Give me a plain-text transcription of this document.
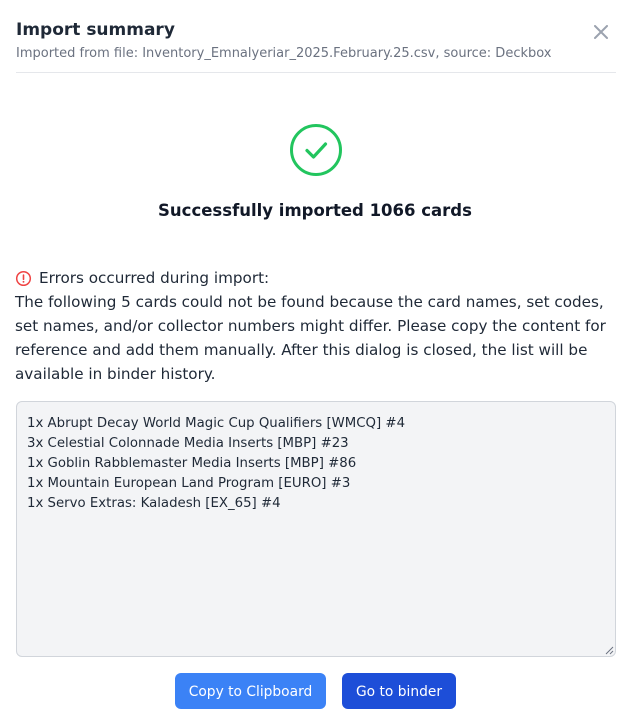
Import summary
Imported from file: Inventory_Emnalyeriar_2025.February.25.csv, source: Deckbox
Successfully imported 1066 cards
Errors occurred during import:

The following 5 cards could not be found because the card names, set codes, set names, and/or collector numbers might differ. Please copy the content for reference and add them manually. After this dialog is closed, the list will be available in binder history.

1x Abrupt Decay World Magic Cup Qualifiers [WMCQ] #4 3x Celestial Colonnade Media Inserts [MBP] #23 1x Goblin Rabblemaster Media Inserts [MBP] #86 1x Mountain European Land Program [EURO] #3 1x Servo Extras: Kaladesh [EX_65] #4
Copy to Clipboard	Go to binder
